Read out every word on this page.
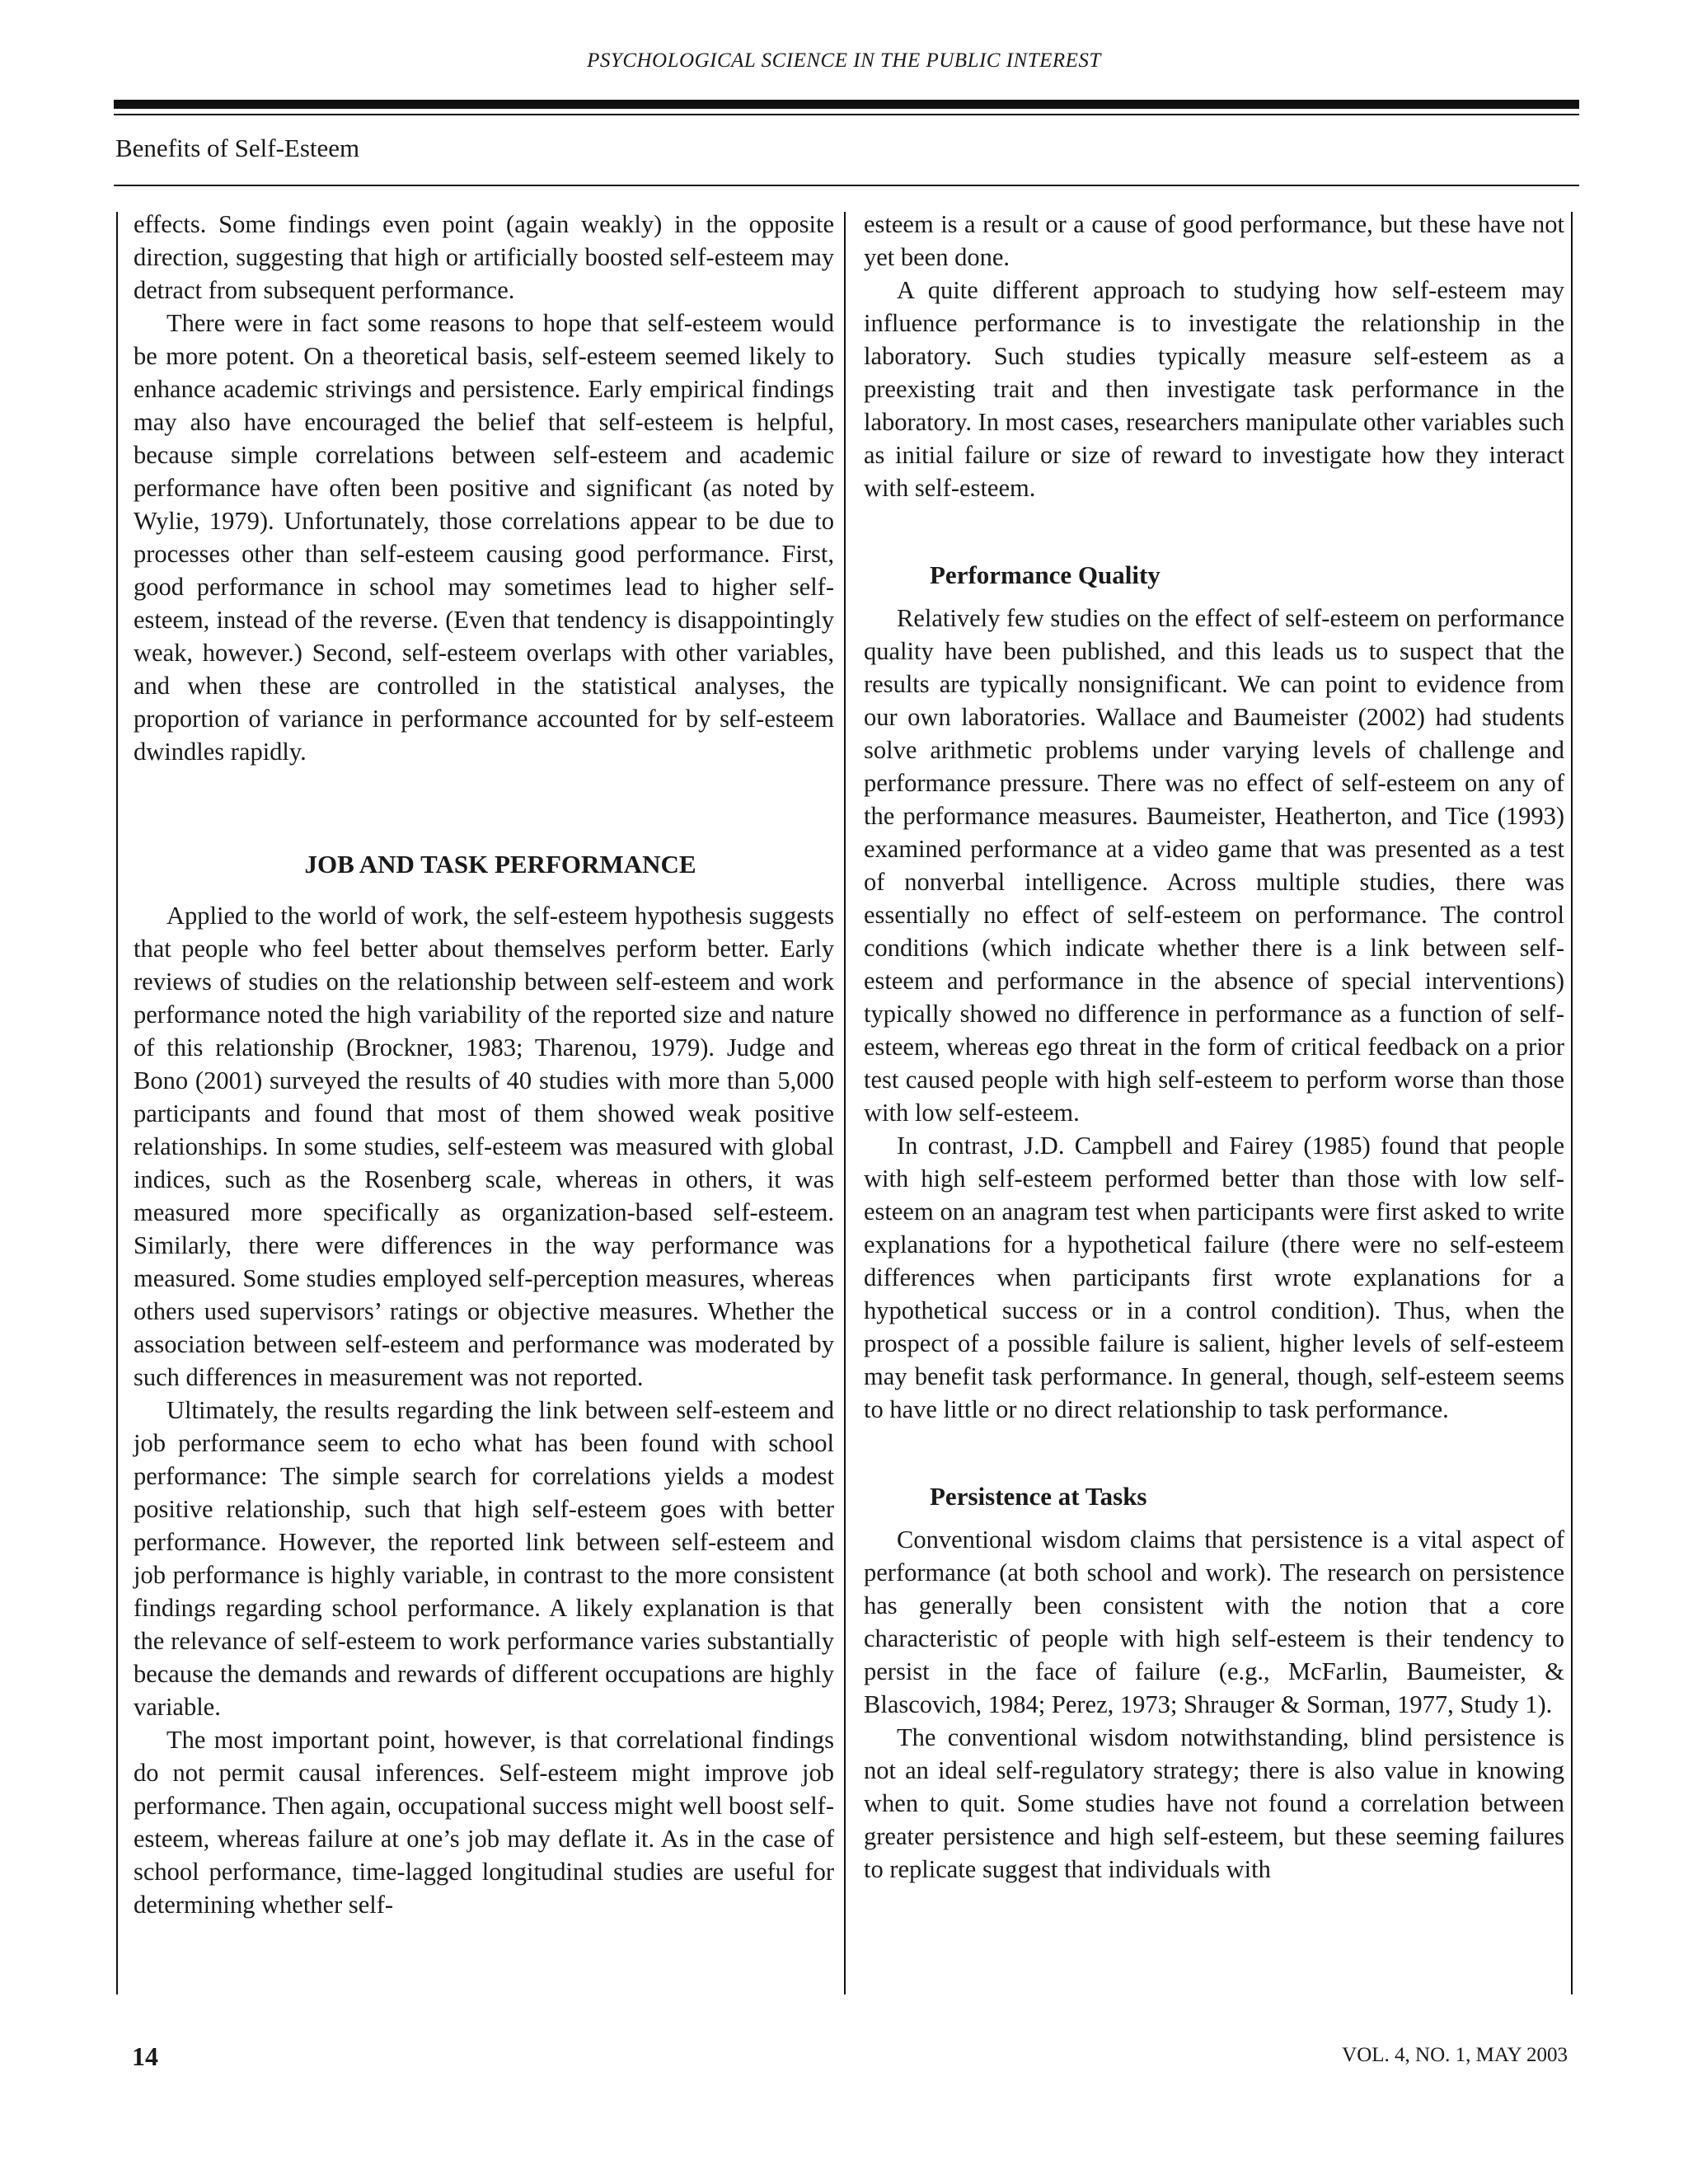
PSYCHOLOGICAL SCIENCE IN THE PUBLIC INTEREST
Benefits of Self-Esteem

effects. Some findings even point (again weakly) in the opposite direction, suggesting that high or artificially boosted self-esteem may detract from subsequent performance.

There were in fact some reasons to hope that self-esteem would be more potent. On a theoretical basis, self-esteem seemed likely to enhance academic strivings and persistence. Early empirical findings may also have encouraged the belief that self-esteem is helpful, because simple correlations between self-esteem and academic performance have often been positive and significant (as noted by Wylie, 1979). Unfortunately, those correlations appear to be due to processes other than self-esteem causing good performance. First, good performance in school may sometimes lead to higher self-esteem, instead of the reverse. (Even that tendency is disappointingly weak, however.) Second, self-esteem overlaps with other variables, and when these are controlled in the statistical analyses, the proportion of variance in performance accounted for by self-esteem dwindles rapidly.

JOB AND TASK PERFORMANCE

Applied to the world of work, the self-esteem hypothesis suggests that people who feel better about themselves perform better. Early reviews of studies on the relationship between self-esteem and work performance noted the high variability of the reported size and nature of this relationship (Brockner, 1983; Tharenou, 1979). Judge and Bono (2001) surveyed the results of 40 studies with more than 5,000 participants and found that most of them showed weak positive relationships. In some studies, self-esteem was measured with global indices, such as the Rosenberg scale, whereas in others, it was measured more specifically as organization-based self-esteem. Similarly, there were differences in the way performance was measured. Some studies employed self-perception measures, whereas others used supervisors’ ratings or objective measures. Whether the association between self-esteem and performance was moderated by such differences in measurement was not reported.

Ultimately, the results regarding the link between self-esteem and job performance seem to echo what has been found with school performance: The simple search for correlations yields a modest positive relationship, such that high self-esteem goes with better performance. However, the reported link between self-esteem and job performance is highly variable, in contrast to the more consistent findings regarding school performance. A likely explanation is that the relevance of self-esteem to work performance varies substantially because the demands and rewards of different occupations are highly variable.

The most important point, however, is that correlational findings do not permit causal inferences. Self-esteem might improve job performance. Then again, occupational success might well boost self-esteem, whereas failure at one’s job may deflate it. As in the case of school performance, time-lagged longitudinal studies are useful for determining whether self-

esteem is a result or a cause of good performance, but these have not yet been done.

A quite different approach to studying how self-esteem may influence performance is to investigate the relationship in the laboratory. Such studies typically measure self-esteem as a preexisting trait and then investigate task performance in the laboratory. In most cases, researchers manipulate other variables such as initial failure or size of reward to investigate how they interact with self-esteem.

Performance Quality

Relatively few studies on the effect of self-esteem on performance quality have been published, and this leads us to suspect that the results are typically nonsignificant. We can point to evidence from our own laboratories. Wallace and Baumeister (2002) had students solve arithmetic problems under varying levels of challenge and performance pressure. There was no effect of self-esteem on any of the performance measures. Baumeister, Heatherton, and Tice (1993) examined performance at a video game that was presented as a test of nonverbal intelligence. Across multiple studies, there was essentially no effect of self-esteem on performance. The control conditions (which indicate whether there is a link between self-esteem and performance in the absence of special interventions) typically showed no difference in performance as a function of self-esteem, whereas ego threat in the form of critical feedback on a prior test caused people with high self-esteem to perform worse than those with low self-esteem.

In contrast, J.D. Campbell and Fairey (1985) found that people with high self-esteem performed better than those with low self-esteem on an anagram test when participants were first asked to write explanations for a hypothetical failure (there were no self-esteem differences when participants first wrote explanations for a hypothetical success or in a control condition). Thus, when the prospect of a possible failure is salient, higher levels of self-esteem may benefit task performance. In general, though, self-esteem seems to have little or no direct relationship to task performance.

Persistence at Tasks

Conventional wisdom claims that persistence is a vital aspect of performance (at both school and work). The research on persistence has generally been consistent with the notion that a core characteristic of people with high self-esteem is their tendency to persist in the face of failure (e.g., McFarlin, Baumeister, & Blascovich, 1984; Perez, 1973; Shrauger & Sorman, 1977, Study 1).

The conventional wisdom notwithstanding, blind persistence is not an ideal self-regulatory strategy; there is also value in knowing when to quit. Some studies have not found a correlation between greater persistence and high self-esteem, but these seeming failures to replicate suggest that individuals with

14	VOL. 4, NO. 1, MAY 2003
